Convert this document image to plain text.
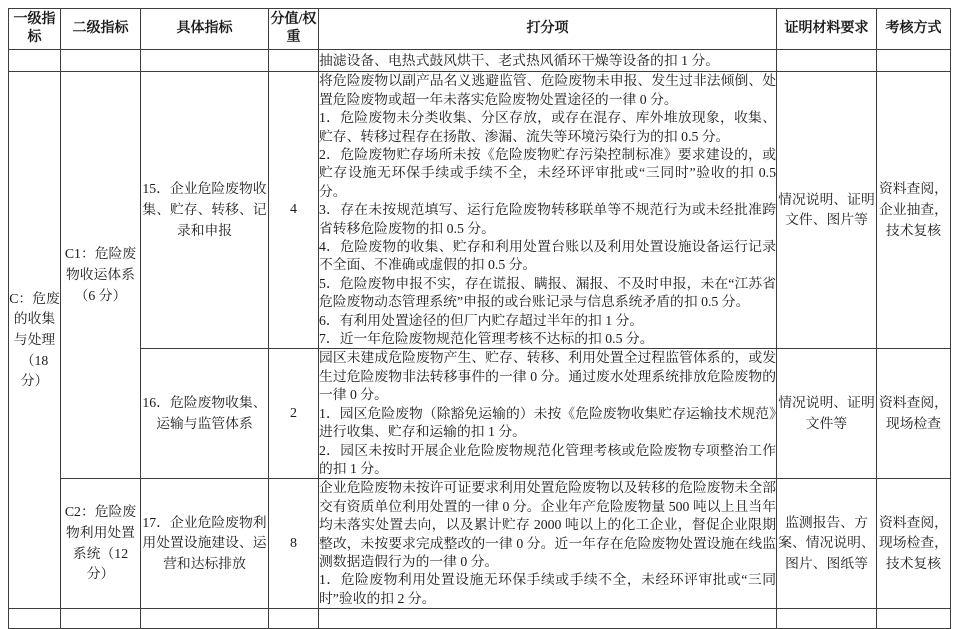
一级指标	二级指标	具体指标	分值/权重	打分项	证明材料要求	考核方式

				抽滤设备、电热式鼓风烘干、老式热风循环干燥等设备的扣 1 分。		

C：危废的收集与处理（18 分）	C1：危险废物收运体系（6 分）	15．企业危险废物收集、贮存、转移、记录和申报	4	
将危险废物以副产品名义逃避监管、危险废物未申报、发生过非法倾倒、处置危险废物或超一年未落实危险废物处置途径的一律 0 分。
1．危险废物未分类收集、分区存放，或存在混存、库外堆放现象，收集、贮存、转移过程存在扬散、渗漏、流失等环境污染行为的扣 0.5 分。
2．危险废物贮存场所未按《危险废物贮存污染控制标准》要求建设的，或贮存设施无环保手续或手续不全，未经环评审批或“三同时”验收的扣 0.5 分。
3．存在未按规范填写、运行危险废物转移联单等不规范行为或未经批准跨省转移危险废物的扣 0.5 分。
4．危险废物的收集、贮存和利用处置台账以及利用处置设施设备运行记录不全面、不准确或虚假的扣 0.5 分。
5．危险废物申报不实，存在谎报、瞒报、漏报、不及时申报，未在“江苏省危险废物动态管理系统”申报的或台账记录与信息系统矛盾的扣 0.5 分。
6．有利用处置途径的但厂内贮存超过半年的扣 1 分。
7．近一年危险废物规范化管理考核不达标的扣 0.5 分。
	情况说明、证明文件、图片等	资料查阅，企业抽查，技术复核
		16．危险废物收集、运输与监管体系	2	园区未建成危险废物产生、贮存、转移、利用处置全过程监管体系的，或发生过危险废物非法转移事件的一律 0 分。通过废水处理系统排放危险废物的一律 0 分。
1．园区危险废物（除豁免运输的）未按《危险废物收集贮存运输技术规范》进行收集、贮存和运输的扣 1 分。
2．园区未按时开展企业危险废物规范化管理考核或危险废物专项整治工作的扣 1 分。	情况说明、证明文件等	资料查阅，现场检查
	C2：危险废物利用处置系统（12 分）	17．企业危险废物利用处置设施建设、运营和达标排放	8	企业危险废物未按许可证要求利用处置危险废物以及转移的危险废物未全部交有资质单位利用处置的一律 0 分。企业年产危险废物量 500 吨以上且当年均未落实处置去向，以及累计贮存 2000 吨以上的化工企业，督促企业限期整改，未按要求完成整改的一律 0 分。近一年存在危险废物处置设施在线监测数据造假行为的一律 0 分。
1．危险废物利用处置设施无环保手续或手续不全，未经环评审批或“三同时”验收的扣 2 分。	监测报告、方案、情况说明、图片、图纸等	资料查阅，现场检查，技术复核
